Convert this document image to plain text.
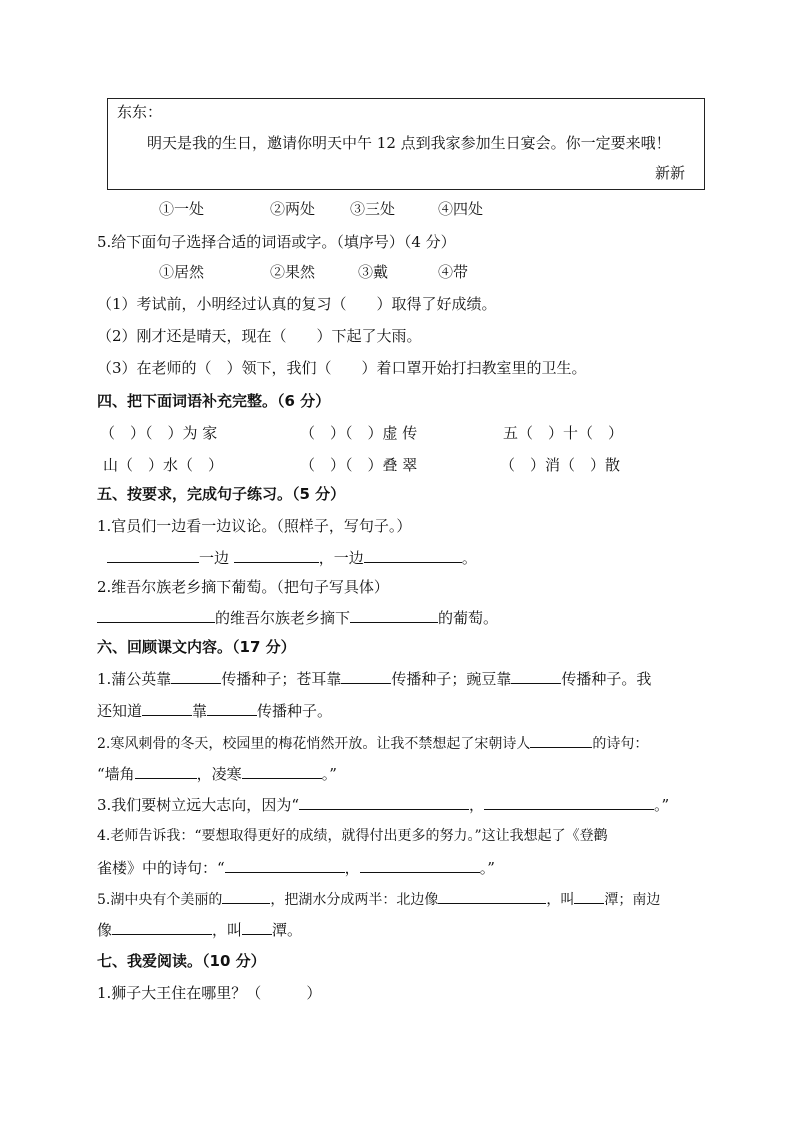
东东：
明天是我的生日，邀请你明天中午 12 点到我家参加生日宴会。你一定要来哦！
新新
①一处	②两处 ③三处	④四处
5.给下面句子选择合适的词语或字。（填序号）（4 分）
①居然	②果然	③戴	④带
（1）考试前，小明经过认真的复习（　　）取得了好成绩。
（2）刚才还是晴天，现在（　　）下起了大雨。
（3）在老师的（　）领下，我们（　　）着口罩开始打扫教室里的卫生。
四、把下面词语补充完整。（6 分）
（　）（　）为 家	（　）（　）虚 传	五（　）十（　）
山（　）水（　）	（　）（　）叠 翠	（　）消（　）散
五、按要求，完成句子练习。（5 分）
1.官员们一边看一边议论。（照样子，写句子。）
一边	，一边	。
2.维吾尔族老乡摘下葡萄。（把句子写具体）
的维吾尔族老乡摘下	的葡萄。
六、回顾课文内容。（17 分）
1.蒲公英靠	传播种子；苍耳靠	传播种子；豌豆靠	传播种子。我
还知道	靠	传播种子。
2.寒风刺骨的冬天，校园里的梅花悄然开放。让我不禁想起了宋朝诗人	的诗句：
“墙角	，凌寒	。”
3.我们要树立远大志向，因为“	，	。”
4.老师告诉我：“要想取得更好的成绩，就得付出更多的努力。”这让我想起了《登鹳
雀楼》中的诗句：“	，	。”
5.湖中央有个美丽的	，把湖水分成两半：北边像	，叫 潭；南边
像	，叫 潭。
七、我爱阅读。（10 分）
1.狮子大王住在哪里？（　　　）
